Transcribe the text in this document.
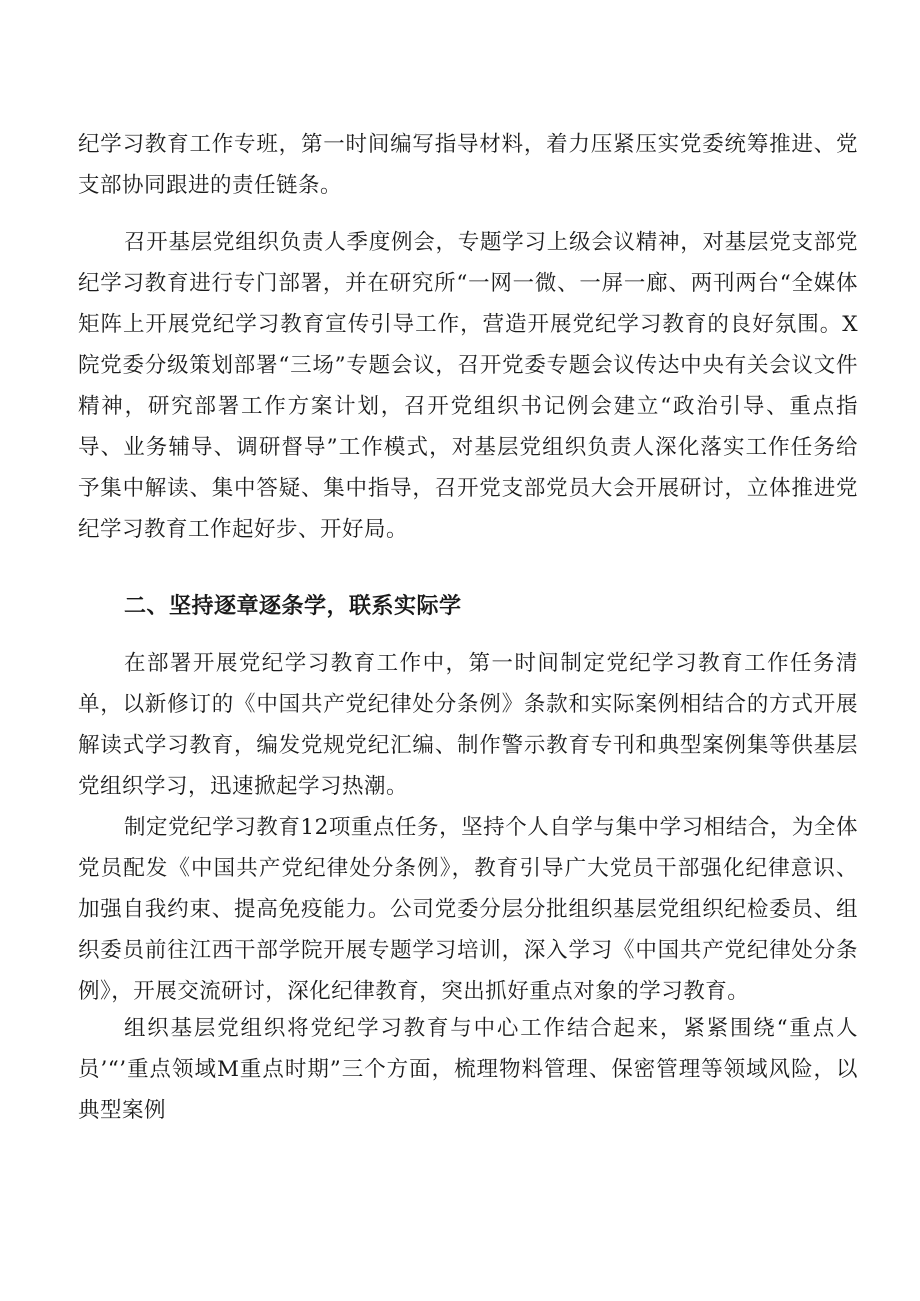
纪学习教育工作专班，第一时间编写指导材料，着力压紧压实党委统筹推进、党支部协同跟进的责任链条。

召开基层党组织负责人季度例会，专题学习上级会议精神，对基层党支部党纪学习教育进行专门部署，并在研究所“一网一微、一屏一廊、两刊两台“全媒体矩阵上开展党纪学习教育宣传引导工作，营造开展党纪学习教育的良好氛围。X院党委分级策划部署“三场”专题会议，召开党委专题会议传达中央有关会议文件精神，研究部署工作方案计划，召开党组织书记例会建立“政治引导、重点指导、业务辅导、调研督导”工作模式，对基层党组织负责人深化落实工作任务给予集中解读、集中答疑、集中指导，召开党支部党员大会开展研讨，立体推进党纪学习教育工作起好步、开好局。

二、坚持逐章逐条学，联系实际学

在部署开展党纪学习教育工作中，第一时间制定党纪学习教育工作任务清单，以新修订的《中国共产党纪律处分条例》条款和实际案例相结合的方式开展解读式学习教育，编发党规党纪汇编、制作警示教育专刊和典型案例集等供基层党组织学习，迅速掀起学习热潮。

制定党纪学习教育12项重点任务，坚持个人自学与集中学习相结合，为全体党员配发《中国共产党纪律处分条例》，教育引导广大党员干部强化纪律意识、加强自我约束、提高免疫能力。公司党委分层分批组织基层党组织纪检委员、组织委员前往江西干部学院开展专题学习培训，深入学习《中国共产党纪律处分条例》，开展交流研讨，深化纪律教育，突出抓好重点对象的学习教育。

组织基层党组织将党纪学习教育与中心工作结合起来，紧紧围绕“重点人员’“’重点领域M重点时期”三个方面，梳理物料管理、保密管理等领域风险，以典型案例
